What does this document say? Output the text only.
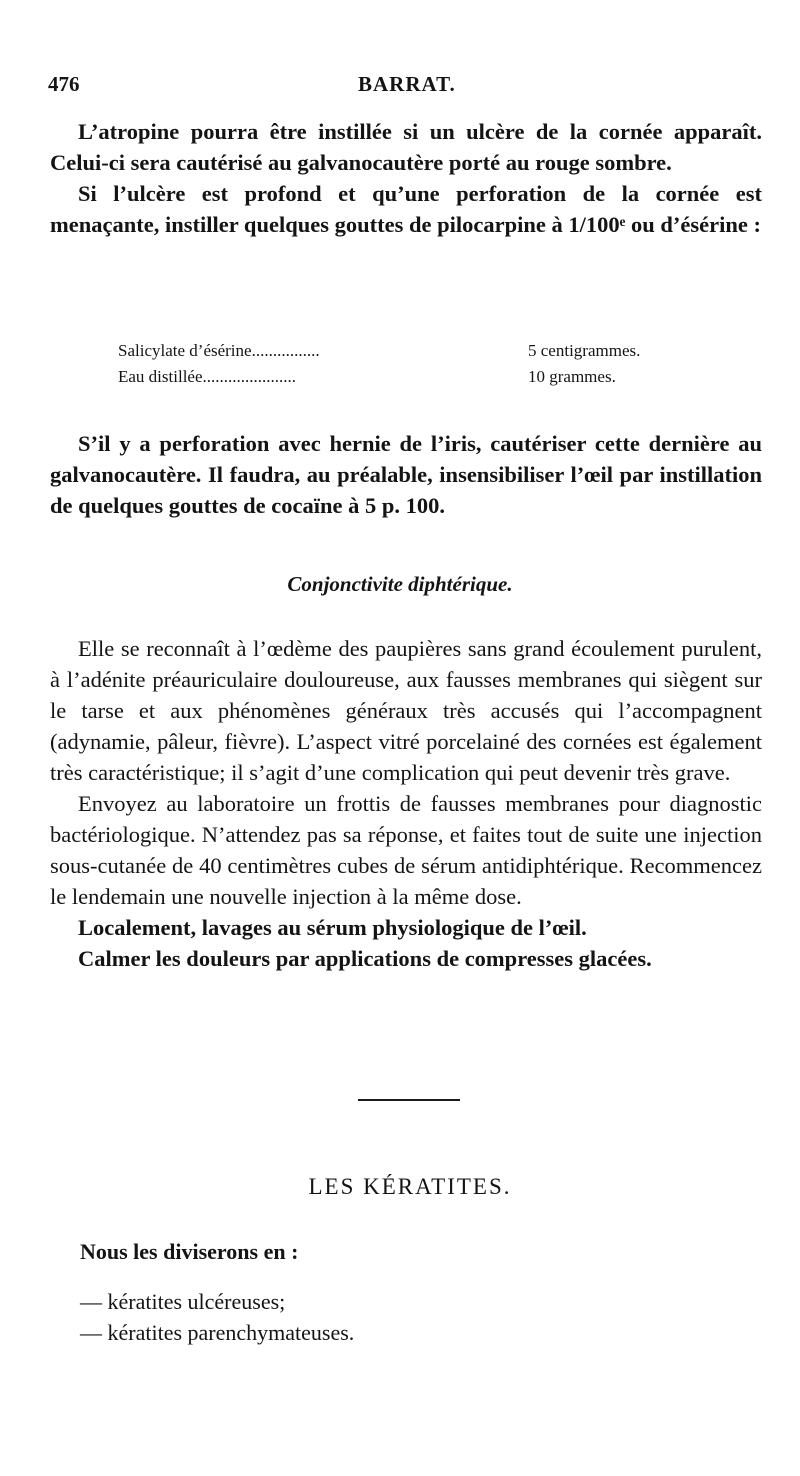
476	BARRAT.

L’atropine pourra être instillée si un ulcère de la cornée apparaît. Celui-ci sera cautérisé au galvanocautère porté au rouge sombre.

Si l’ulcère est profond et qu’une perforation de la cornée est menaçante, instiller quelques gouttes de pilocarpine à 1/100ᵉ ou d’ésérine :

Salicylate d’ésérine................	5 centigrammes.
Eau distillée......................	10 grammes.

S’il y a perforation avec hernie de l’iris, cautériser cette dernière au galvanocautère. Il faudra, au préalable, insensibiliser l’œil par instillation de quelques gouttes de cocaïne à 5 p. 100.

Conjonctivite diphtérique.

Elle se reconnaît à l’œdème des paupières sans grand écoulement purulent, à l’adénite préauriculaire douloureuse, aux fausses membranes qui siègent sur le tarse et aux phénomènes généraux très accusés qui l’accompagnent (adynamie, pâleur, fièvre). L’aspect vitré porcelainé des cornées est également très caractéristique; il s’agit d’une complication qui peut devenir très grave.

Envoyez au laboratoire un frottis de fausses membranes pour diagnostic bactériologique. N’attendez pas sa réponse, et faites tout de suite une injection sous-cutanée de 40 centimètres cubes de sérum antidiphtérique. Recommencez le lendemain une nouvelle injection à la même dose.

Localement, lavages au sérum physiologique de l’œil.

Calmer les douleurs par applications de compresses glacées.

LES KÉRATITES.

Nous les diviserons en :

— kératites ulcéreuses;

— kératites parenchymateuses.
